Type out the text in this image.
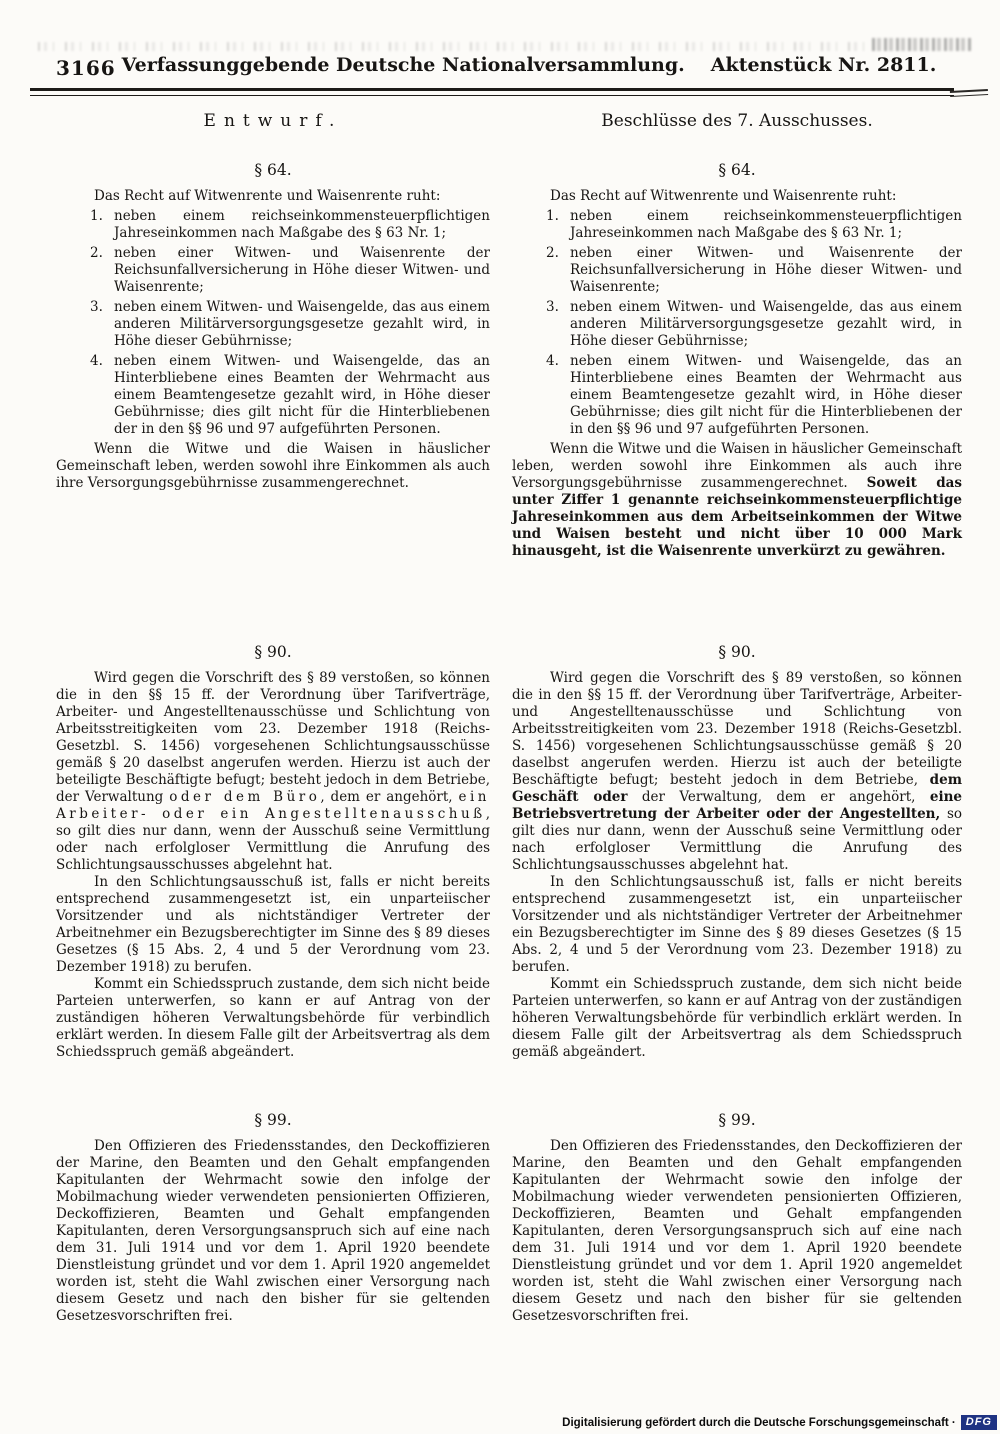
3166 Verfassunggebende Deutsche Nationalversammlung. Aktenstück Nr. 2811.
Entwurf.
§ 64.

Das Recht auf Witwenrente und Waisenrente ruht:

1. neben einem reichseinkommensteuerpflichtigen Jahreseinkommen nach Maßgabe des § 63 Nr. 1;
2. neben einer Witwen- und Waisenrente der Reichsunfallversicherung in Höhe dieser Witwen- und Waisenrente;
3. neben einem Witwen- und Waisengelde, das aus einem anderen Militärversorgungsgesetze gezahlt wird, in Höhe dieser Gebührnisse;
4. neben einem Witwen- und Waisengelde, das an Hinterbliebene eines Beamten der Wehrmacht aus einem Beamtengesetze gezahlt wird, in Höhe dieser Gebührnisse; dies gilt nicht für die Hinterbliebenen der in den §§ 96 und 97 aufgeführten Personen.

Wenn die Witwe und die Waisen in häuslicher Gemeinschaft leben, werden sowohl ihre Einkommen als auch ihre Versorgungsgebührnisse zusammengerechnet.

§ 90.

Wird gegen die Vorschrift des § 89 verstoßen, so können die in den §§ 15 ff. der Verordnung über Tarifverträge, Arbeiter- und Angestelltenausschüsse und Schlichtung von Arbeitsstreitigkeiten vom 23. Dezember 1918 (Reichs-Gesetzbl. S. 1456) vorgesehenen Schlichtungsausschüsse gemäß § 20 daselbst angerufen werden. Hierzu ist auch der beteiligte Beschäftigte befugt; besteht jedoch in dem Betriebe, der Verwaltung oder dem Büro, dem er angehört, ein Arbeiter- oder ein Angestelltenausschuß, so gilt dies nur dann, wenn der Ausschuß seine Vermittlung oder nach erfolgloser Vermittlung die Anrufung des Schlichtungsausschusses abgelehnt hat.

In den Schlichtungsausschuß ist, falls er nicht bereits entsprechend zusammengesetzt ist, ein unparteiischer Vorsitzender und als nichtständiger Vertreter der Arbeitnehmer ein Bezugsberechtigter im Sinne des § 89 dieses Gesetzes (§ 15 Abs. 2, 4 und 5 der Verordnung vom 23. Dezember 1918) zu berufen.

Kommt ein Schiedsspruch zustande, dem sich nicht beide Parteien unterwerfen, so kann er auf Antrag von der zuständigen höheren Verwaltungsbehörde für verbindlich erklärt werden. In diesem Falle gilt der Arbeitsvertrag als dem Schiedsspruch gemäß abgeändert.

§ 99.

Den Offizieren des Friedensstandes, den Deckoffizieren der Marine, den Beamten und den Gehalt empfangenden Kapitulanten der Wehrmacht sowie den infolge der Mobilmachung wieder verwendeten pensionierten Offizieren, Deckoffizieren, Beamten und Gehalt empfangenden Kapitulanten, deren Versorgungsanspruch sich auf eine nach dem 31. Juli 1914 und vor dem 1. April 1920 beendete Dienstleistung gründet und vor dem 1. April 1920 angemeldet worden ist, steht die Wahl zwischen einer Versorgung nach diesem Gesetz und nach den bisher für sie geltenden Gesetzesvorschriften frei.

Beschlüsse des 7. Ausschusses.
§ 64.

Das Recht auf Witwenrente und Waisenrente ruht:

1. neben einem reichseinkommensteuerpflichtigen Jahreseinkommen nach Maßgabe des § 63 Nr. 1;
2. neben einer Witwen- und Waisenrente der Reichsunfallversicherung in Höhe dieser Witwen- und Waisenrente;
3. neben einem Witwen- und Waisengelde, das aus einem anderen Militärversorgungsgesetze gezahlt wird, in Höhe dieser Gebührnisse;
4. neben einem Witwen- und Waisengelde, das an Hinterbliebene eines Beamten der Wehrmacht aus einem Beamtengesetze gezahlt wird, in Höhe dieser Gebührnisse; dies gilt nicht für die Hinterbliebenen der in den §§ 96 und 97 aufgeführten Personen.

Wenn die Witwe und die Waisen in häuslicher Gemeinschaft leben, werden sowohl ihre Einkommen als auch ihre Versorgungsgebührnisse zusammengerechnet. Soweit das unter Ziffer 1 genannte reichseinkommensteuerpflichtige Jahreseinkommen aus dem Arbeitseinkommen der Witwe und Waisen besteht und nicht über 10 000 Mark hinausgeht, ist die Waisenrente unverkürzt zu gewähren.

§ 90.

Wird gegen die Vorschrift des § 89 verstoßen, so können die in den §§ 15 ff. der Verordnung über Tarifverträge, Arbeiter- und Angestelltenausschüsse und Schlichtung von Arbeitsstreitigkeiten vom 23. Dezember 1918 (Reichs-Gesetzbl. S. 1456) vorgesehenen Schlichtungsausschüsse gemäß § 20 daselbst angerufen werden. Hierzu ist auch der beteiligte Beschäftigte befugt; besteht jedoch in dem Betriebe, dem Geschäft oder der Verwaltung, dem er angehört, eine Betriebsvertretung der Arbeiter oder der Angestellten, so gilt dies nur dann, wenn der Ausschuß seine Vermittlung oder nach erfolgloser Vermittlung die Anrufung des Schlichtungsausschusses abgelehnt hat.

In den Schlichtungsausschuß ist, falls er nicht bereits entsprechend zusammengesetzt ist, ein unparteiischer Vorsitzender und als nichtständiger Vertreter der Arbeitnehmer ein Bezugsberechtigter im Sinne des § 89 dieses Gesetzes (§ 15 Abs. 2, 4 und 5 der Verordnung vom 23. Dezember 1918) zu berufen.

Kommt ein Schiedsspruch zustande, dem sich nicht beide Parteien unterwerfen, so kann er auf Antrag von der zuständigen höheren Verwaltungsbehörde für verbindlich erklärt werden. In diesem Falle gilt der Arbeitsvertrag als dem Schiedsspruch gemäß abgeändert.

§ 99.

Den Offizieren des Friedensstandes, den Deckoffizieren der Marine, den Beamten und den Gehalt empfangenden Kapitulanten der Wehrmacht sowie den infolge der Mobilmachung wieder verwendeten pensionierten Offizieren, Deckoffizieren, Beamten und Gehalt empfangenden Kapitulanten, deren Versorgungsanspruch sich auf eine nach dem 31. Juli 1914 und vor dem 1. April 1920 beendete Dienstleistung gründet und vor dem 1. April 1920 angemeldet worden ist, steht die Wahl zwischen einer Versorgung nach diesem Gesetz und nach den bisher für sie geltenden Gesetzesvorschriften frei.

Digitalisierung gefördert durch die Deutsche Forschungsgemeinschaft · DFG
